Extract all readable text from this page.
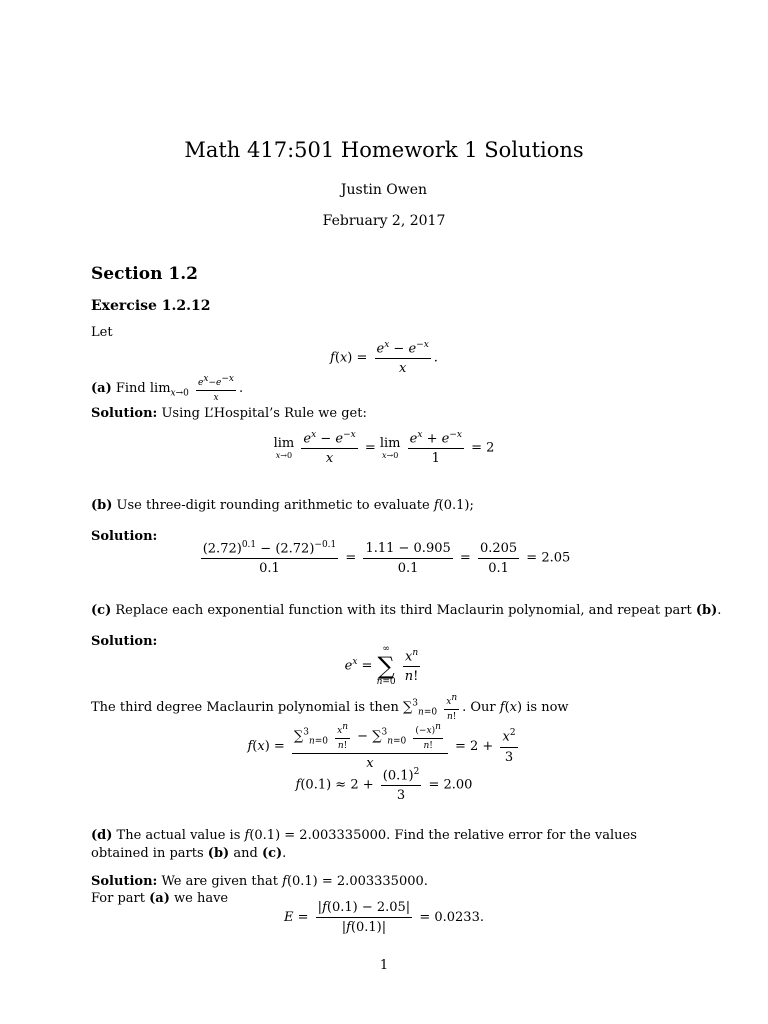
Math 417:501 Homework 1 Solutions
Justin Owen
February 2, 2017
Section 1.2
Exercise 1.2.12
Let
$f(x) = \frac{e^x - e^{-x}}{x}$ .
(a) Find $\lim_{x\to 0} \frac{e^x-e^{-x}}{x}$ .
Solution: Using L’Hospital’s Rule we get:
lim
x→0
$\frac{e^x - e^{-x}}{x} = \lim$
x→0
$\frac{e^x + e^{-x}}{1} = 2$
(b) Use three-digit rounding arithmetic to evaluate f(0.1);
Solution:
$\frac{(2.72)^{0.1} - (2.72)^{-0.1}}{0.1} = \frac{1.11 - 0.905}{0.1} = \frac{0.205}{0.1} = 2.05$
(c) Replace each exponential function with its third Maclaurin polynomial, and repeat part (b).
Solution:
$e^x$ =
∞
∑
n=0
$\frac{x^n}{n!}$
The third degree Maclaurin polynomial is then $\sum^3_{n=0} \frac{x^n}{n!}$ . Our f(x) is now
$f(x) = \frac{\sum^3_{n=0} \frac{x^n}{n!} - \sum^3_{n=0} \frac{(-x)^n}{n!}}{x} = 2 + \frac{x^2}{3}$
$f(0.1) \approx 2 + \frac{(0.1)^2}{3} = 2.00$
(d) The actual value is f(0.1) = 2.003335000. Find the relative error for the values obtained in parts (b) and (c).
Solution: We are given that f(0.1) = 2.003335000.
For part (a) we have
$E = \frac{|f(0.1) - 2.05|}{|f(0.1)|} = 0.0233$.
1
